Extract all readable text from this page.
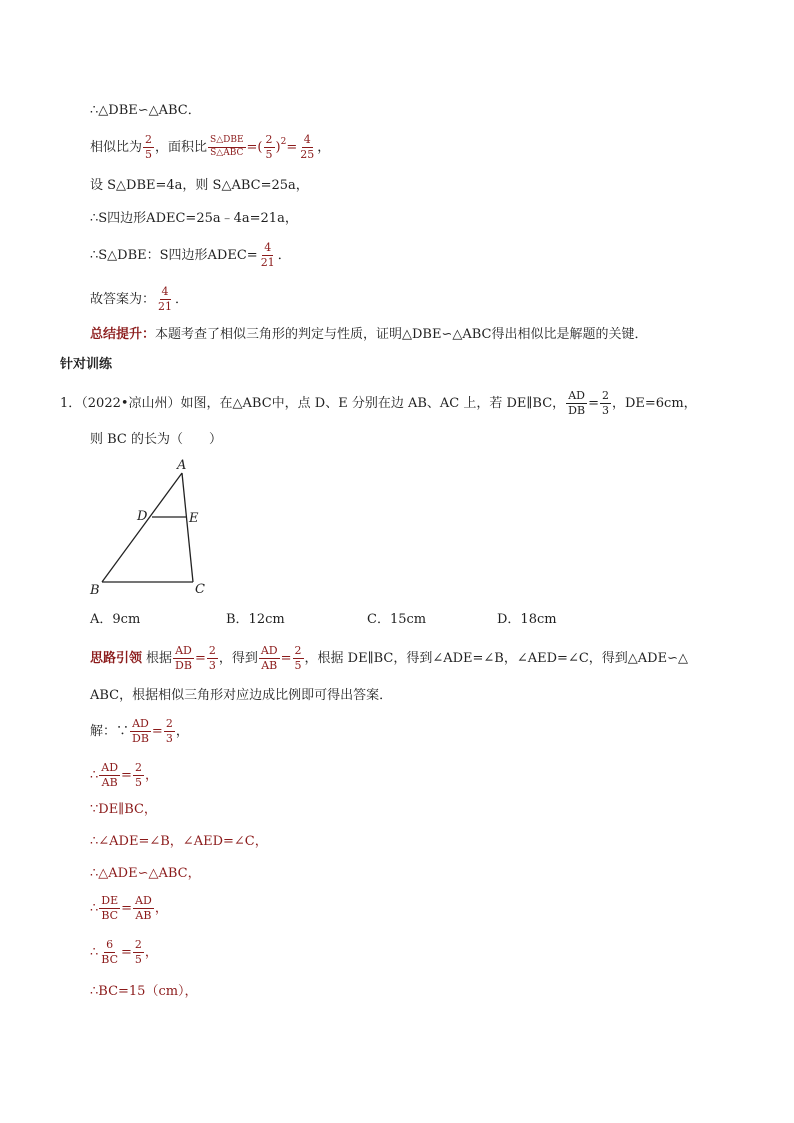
∴△DBE∽△ABC．
相似比为 $\frac{2}{5}$ ，面积比 $\frac{\text{S△DBE}}{\text{S△ABC}}$ =( $\frac{2}{5}$ ) $2 = \frac{4}{25}$ ，
设 S△DBE=4a，则 S△ABC=25a，
∴S四边形ADEC=25a﹣4a=21a，
∴S△DBE：S四边形ADEC= $\frac{4}{21}$ ．
故答案为： $\frac{4}{21}$ ．
总结提升： 本题考查了相似三角形的判定与性质，证明△DBE∽△ABC得出相似比是解题的关键．
针对训练
1．（2022•凉山州）如图，在△ABC中，点 D、E 分别在边 AB、AC 上，若 DE∥BC， $\frac{AD}{DB} = \frac{2}{3}$ ，DE=6cm，
则 BC 的长为（　　）
A
D	E
B	C
A．9cm	B．12cm	C．15cm	D．18cm
思路引领 根据 $\frac{AD}{DB} = \frac{2}{3}$ ，得到 $\frac{AD}{AB} = \frac{2}{5}$ ，根据 DE∥BC，得到∠ADE=∠B，∠AED=∠C，得到△ADE∽△
ABC，根据相似三角形对应边成比例即可得出答案．
解：∵ $\frac{AD}{DB} = \frac{2}{3}$ ，
∴ $\frac{AD}{AB} = \frac{2}{5}$ ，
∵DE∥BC，
∴∠ADE=∠B，∠AED=∠C，
∴△ADE∽△ABC，
∴ $\frac{DE}{BC} = \frac{AD}{AB}$ ，
∴ $\frac{6}{BC} = \frac{2}{5}$ ，
∴BC=15（cm），
